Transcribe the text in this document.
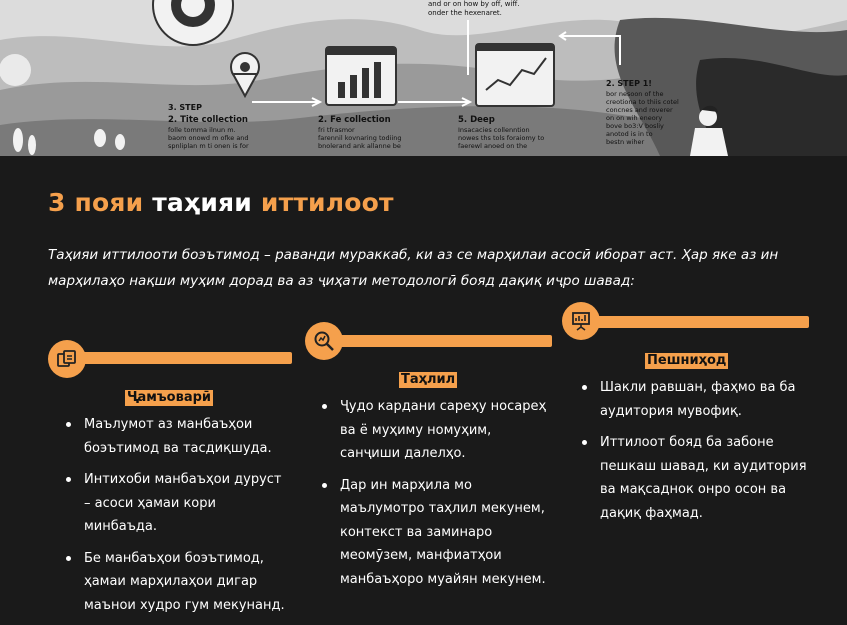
and or on how by off, wiff. onder the hexenaret.
3. STEP
2. Tite collection
folle tomma ilnun m. baom onowd m ofke and spnliplan m ti onen is for
2. Fe collection
fri tfrasmor farennil kovnaring todiing bnolerand ank allanne be
5. Deep
Insacacies collenntion nowes ths tols foraiomy to faerewl anoed on the
2. STEP 1!
bor nesoon of the creotiona to thiis cotel concnes and roverer on on wih eneory bove bo3:V bosliy anotod is in to bestn wiher
3 пояи таҳияи иттилоот

Таҳияи иттилооти боэътимод – раванди мураккаб, ки аз се марҳилаи асосӣ иборат аст. Ҳар яке аз ин марҳилаҳо нақши муҳим дорад ва аз ҷиҳати методологӣ бояд дақиқ иҷро шавад:

Ҷамъоварӣ
Маълумот аз манбаъҳои боэътимод ва тасдиқшуда.
Интихоби манбаъҳои дуруст – асоси ҳамаи кори минбаъда.
Бе манбаъҳои боэътимод, ҳамаи марҳилаҳои дигар маънои худро гум мекунанд.
Таҳлил
Ҷудо кардани сареҳу носареҳ ва ё муҳиму номуҳим, санҷиши далелҳо.
Дар ин марҳила мо маълумотро таҳлил мекунем, контекст ва заминаро меомӯзем, манфиатҳои манбаъҳоро муайян мекунем.
Пешниҳод
Шакли равшан, фаҳмо ва ба аудитория мувофиқ.
Иттилоот бояд ба забоне пешкаш шавад, ки аудитория ва мақсаднок онро осон ва дақиқ фаҳмад.
